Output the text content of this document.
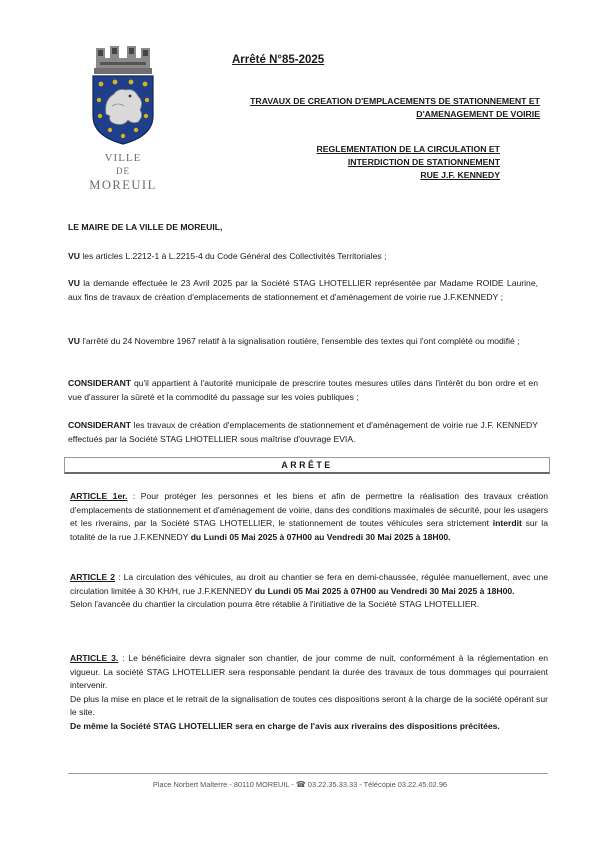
VILLE
DE
MOREUIL
Arrêté N°85-2025
TRAVAUX DE CREATION D'EMPLACEMENTS DE STATIONNEMENT ET
D'AMENAGEMENT DE VOIRIE
REGLEMENTATION DE LA CIRCULATION ET
INTERDICTION DE STATIONNEMENT
RUE J.F. KENNEDY
LE MAIRE DE LA VILLE DE MOREUIL,
VU les articles L.2212-1 à L.2215-4 du Code Général des Collectivités Territoriales ;
VU la demande effectuée le 23 Avril 2025 par la Société STAG LHOTELLIER représentée par Madame ROIDE Laurine, aux fins de travaux de création d'emplacements de stationnement et d'aménagement de voirie rue J.F.KENNEDY ;
VU l'arrêté du 24 Novembre 1967 relatif à la signalisation routière, l'ensemble des textes qui l'ont complété ou modifié ;
CONSIDERANT qu'il appartient à l'autorité municipale de prescrire toutes mesures utiles dans l'intérêt du bon ordre et en vue d'assurer la sûreté et la commodité du passage sur les voies publiques ;
CONSIDERANT les travaux de création d'emplacements de stationnement et d'aménagement de voirie rue J.F. KENNEDY effectués par la Société STAG LHOTELLIER sous maîtrise d'ouvrage EVIA.
ARRÊTE
ARTICLE 1er. : Pour protéger les personnes et les biens et afin de permettre la réalisation des travaux création d'emplacements de stationnement et d'aménagement de voirie, dans des conditions maximales de sécurité, pour les usagers et les riverains, par la Société STAG LHOTELLIER, le stationnement de toutes véhicules sera strictement interdit sur la totalité de la rue J.F.KENNEDY du Lundi 05 Mai 2025 à 07H00 au Vendredi 30 Mai 2025 à 18H00.
ARTICLE 2 : La circulation des véhicules, au droit au chantier se fera en demi-chaussée, régulée manuellement, avec une circulation limitée à 30 KH/H, rue J.F.KENNEDY du Lundi 05 Mai 2025 à 07H00 au Vendredi 30 Mai 2025 à 18H00.
Selon l'avancée du chantier la circulation pourra être rétablie à l'initiative de la Société STAG LHOTELLIER.
ARTICLE 3. : Le bénéficiaire devra signaler son chantier, de jour comme de nuit, conformément à la réglementation en vigueur. La société STAG LHOTELLIER sera responsable pendant la durée des travaux de tous dommages qui pourraient intervenir.
De plus la mise en place et le retrait de la signalisation de toutes ces dispositions seront à la charge de la société opérant sur le site.
De même la Société STAG LHOTELLIER sera en charge de l'avis aux riverains des dispositions précitées.
Place Norbert Malterre - 80110 MOREUIL - ☎ 03.22.35.33.33 - Télécopie 03.22.45.02.96
